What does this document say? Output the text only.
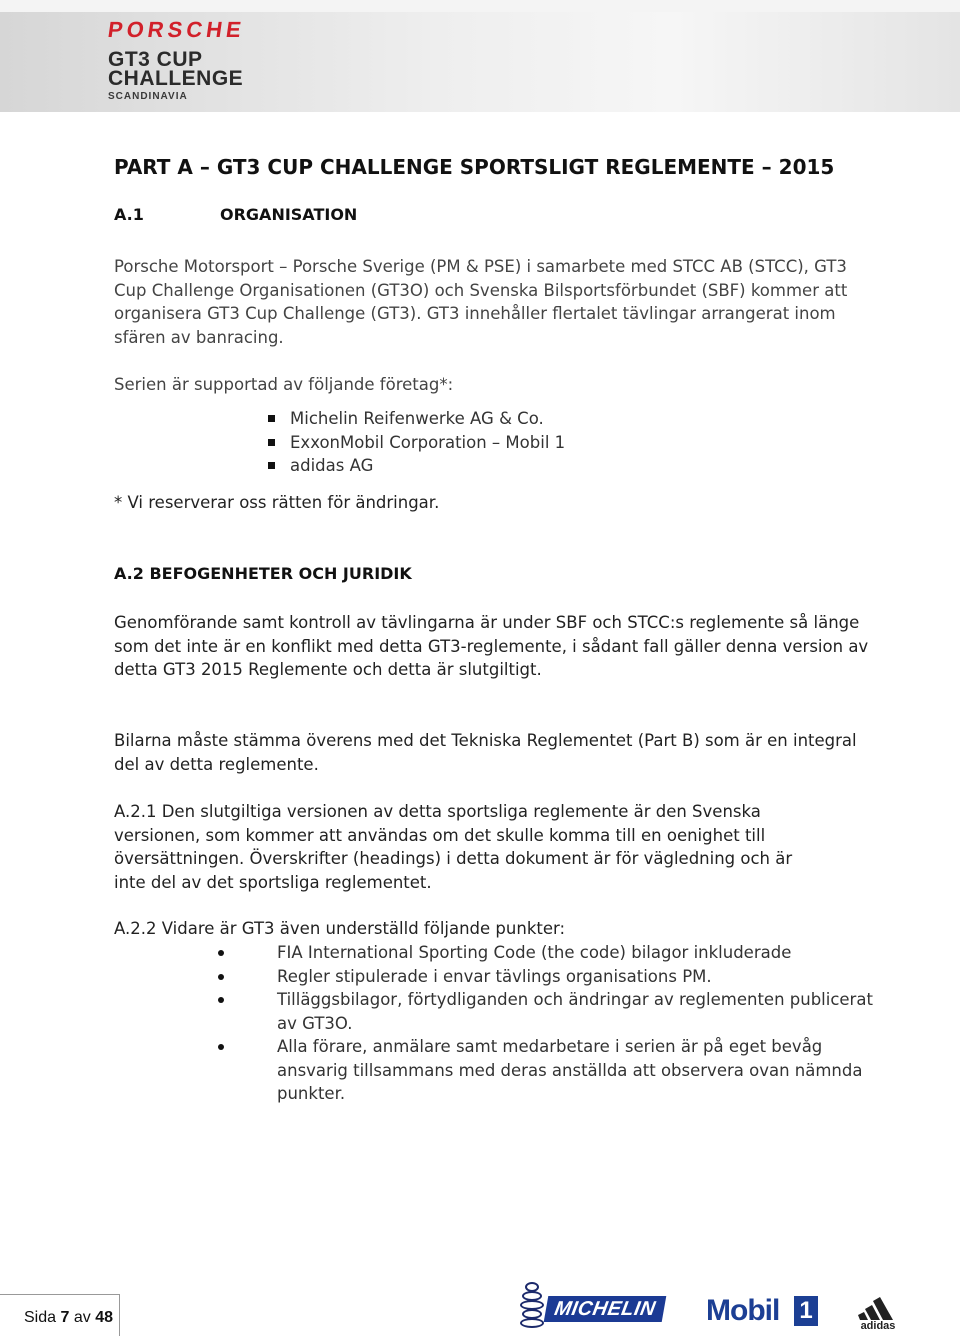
PORSCHE
GT3 CUP
CHALLENGE
SCANDINAVIA
PART A – GT3 CUP CHALLENGE SPORTSLIGT REGLEMENTE – 2015
A.1	ORGANISATION

Porsche Motorsport – Porsche Sverige (PM & PSE) i samarbete med STCC AB (STCC), GT3 Cup Challenge Organisationen (GT3O) och Svenska Bilsportsförbundet (SBF) kommer att organisera GT3 Cup Challenge (GT3). GT3 innehåller flertalet tävlingar arrangerat inom sfären av banracing.

Serien är supportad av följande företag*:

Michelin Reifenwerke AG & Co.
ExxonMobil Corporation – Mobil 1
adidas AG

* Vi reserverar oss rätten för ändringar.

A.2 BEFOGENHETER OCH JURIDIK

Genomförande samt kontroll av tävlingarna är under SBF och STCC:s reglemente så länge som det inte är en konflikt med detta GT3-reglemente, i sådant fall gäller denna version av detta GT3 2015 Reglemente och detta är slutgiltigt.

Bilarna måste stämma överens med det Tekniska Reglementet (Part B) som är en integral del av detta reglemente.

A.2.1 Den slutgiltiga versionen av detta sportsliga reglemente är den Svenska versionen, som kommer att användas om det skulle komma till en oenighet till översättningen. Överskrifter (headings) i detta dokument är för vägledning och är inte del av det sportsliga reglementet.

A.2.2 Vidare är GT3 även underställd följande punkter:

FIA International Sporting Code (the code) bilagor inkluderade
Regler stipulerade i envar tävlings organisations PM.
Tilläggsbilagor, förtydliganden och ändringar av reglementen publicerat av GT3O.
Alla förare, anmälare samt medarbetare i serien är på eget bevåg ansvarig tillsammans med deras anställda att observera ovan nämnda punkter.
Sida 7 av 48	MICHELIN	Mobil 1
adidas
